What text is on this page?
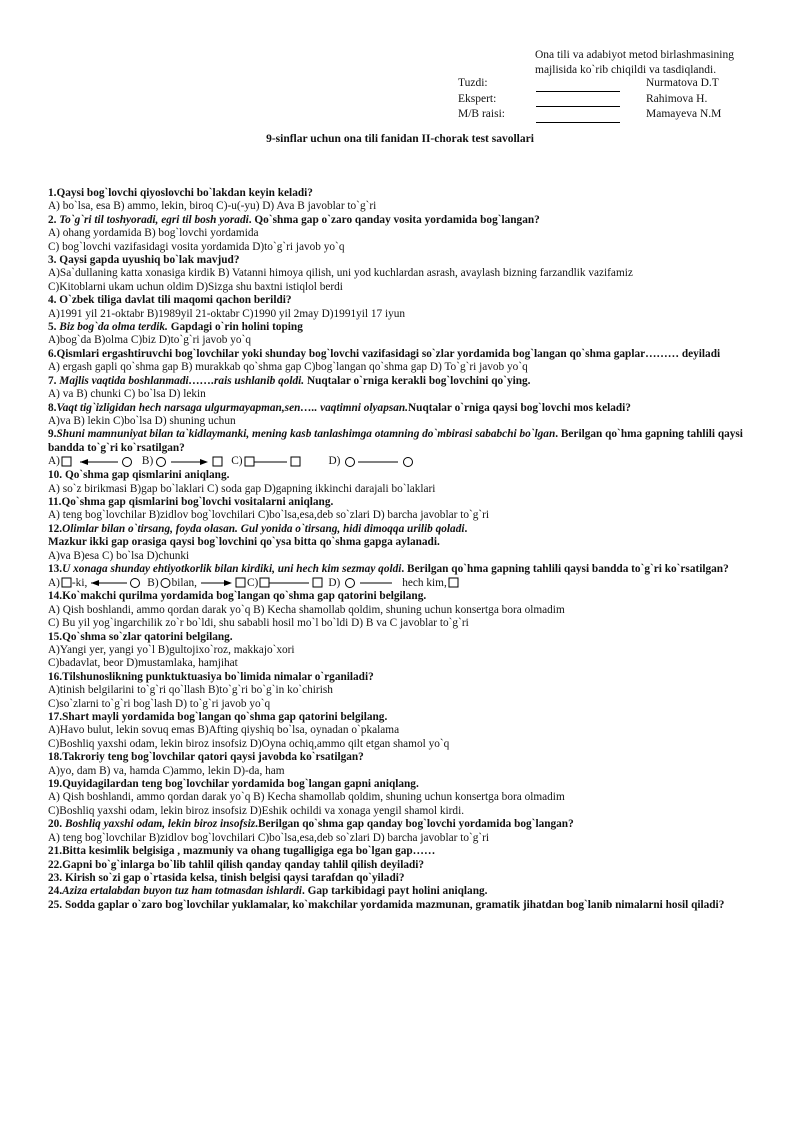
Ona tili va adabiyot metod birlashmasining
majlisida ko`rib chiqildi va tasdiqlandi.
Tuzdi:	Nurmatova D.T
Ekspert:	Rahimova H.
M/B raisi:	Mamayeva N.M
9-sinflar uchun ona tili fanidan II-chorak test savollari

1.Qaysi bog`lovchi qiyoslovchi bo`lakdan keyin keladi?

A) bo`lsa, esa B) ammo, lekin, biroq C)-u(-yu) D) Ava B javoblar to`g`ri

2. To`g`ri til toshyoradi, egri til bosh yoradi. Qo`shma gap o`zaro qanday vosita yordamida bog`langan?

A) ohang yordamida B) bog`lovchi yordamida

C) bog`lovchi vazifasidagi vosita yordamida D)to`g`ri javob yo`q

3. Qaysi gapda uyushiq bo`lak mavjud?

A)Sa`dullaning katta xonasiga kirdik B) Vatanni himoya qilish, uni yod kuchlardan asrash, avaylash bizning farzandlik vazifamiz

C)Kitoblarni ukam uchun oldim D)Sizga shu baxtni istiqlol berdi

4. O`zbek tiliga davlat tili maqomi qachon berildi?

A)1991 yil 21-oktabr B)1989yil 21-oktabr C)1990 yil 2may D)1991yil 17 iyun

5. Biz bog`da olma terdik. Gapdagi o`rin holini toping

A)bog`da B)olma C)biz D)to`g`ri javob yo`q

6.Qismlari ergashtiruvchi bog`lovchilar yoki shunday bog`lovchi vazifasidagi so`zlar yordamida bog`langan qo`shma gaplar……… deyiladi

A) ergash gapli qo`shma gap B) murakkab qo`shma gap C)bog`langan qo`shma gap D) To`g`ri javob yo`q

7. Majlis vaqtida boshlanmadi…….rais ushlanib qoldi. Nuqtalar o`rniga kerakli bog`lovchini qo`ying.

A) va B) chunki C) bo`lsa D) lekin

8.Vaqt tig`izligidan hech narsaga ulgurmayapman,sen….. vaqtimni olyapsan.Nuqtalar o`rniga qaysi bog`lovchi mos keladi?

A)va B) lekin C)bo`lsa D) shuning uchun

9.Shuni mamnuniyat bilan ta`kidlaymanki, mening kasb tanlashimga otamning do`mbirasi sababchi bo`lgan. Berilgan qo`hma gapning tahlili qaysi bandda to`g`ri ko`rsatilgan?

A)	B)	C)	D)

10. Qo`shma gap qismlarini aniqlang.

A) so`z birikmasi B)gap bo`laklari C) soda gap D)gapning ikkinchi darajali bo`laklari

11.Qo`shma gap qismlarini bog`lovchi vositalarni aniqlang.

A) teng bog`lovchilar B)zidlov bog`lovchilari C)bo`lsa,esa,deb so`zlari D) barcha javoblar to`g`ri

12.Olimlar bilan o`tirsang, foyda olasan. Gul yonida o`tirsang, hidi dimoqqa urilib qoladi.

Mazkur ikki gap orasiga qaysi bog`lovchini qo`ysa bitta qo`shma gapga aylanadi.

A)va B)esa C) bo`lsa D)chunki

13.U xonaga shunday ehtiyotkorlik bilan kirdiki, uni hech kim sezmay qoldi. Berilgan qo`hma gapning tahlili qaysi bandda to`g`ri ko`rsatilgan?

A) -ki,	B) bilan,	C)	D)	hech kim,

14.Ko`makchi qurilma yordamida bog`langan qo`shma gap qatorini belgilang.

A) Qish boshlandi, ammo qordan darak yo`q B) Kecha shamollab qoldim, shuning uchun konsertga bora olmadim

C) Bu yil yog`ingarchilik zo`r bo`ldi, shu sababli hosil mo`l bo`ldi D) B va C javoblar to`g`ri

15.Qo`shma so`zlar qatorini belgilang.

A)Yangi yer, yangi yo`l B)gultojixo`roz, makkajo`xori

C)badavlat, beor D)mustamlaka, hamjihat

16.Tilshunoslikning punktuktuasiya bo`limida nimalar o`rganiladi?

A)tinish belgilarini to`g`ri qo`llash B)to`g`ri bo`g`in ko`chirish

C)so`zlarni to`g`ri bog`lash D) to`g`ri javob yo`q

17.Shart mayli yordamida bog`langan qo`shma gap qatorini belgilang.

A)Havo bulut, lekin sovuq emas B)Afting qiyshiq bo`lsa, oynadan o`pkalama

C)Boshliq yaxshi odam, lekin biroz insofsiz D)Oyna ochiq,ammo qilt etgan shamol yo`q

18.Takroriy teng bog`lovchilar qatori qaysi javobda ko`rsatilgan?

A)yo, dam B) va, hamda C)ammo, lekin D)-da, ham

19.Quyidagilardan teng bog`lovchilar yordamida bog`langan gapni aniqlang.

A) Qish boshlandi, ammo qordan darak yo`q B) Kecha shamollab qoldim, shuning uchun konsertga bora olmadim

C)Boshliq yaxshi odam, lekin biroz insofsiz D)Eshik ochildi va xonaga yengil shamol kirdi.

20. Boshliq yaxshi odam, lekin biroz insofsiz.Berilgan qo`shma gap qanday bog`lovchi yordamida bog`langan?

A) teng bog`lovchilar B)zidlov bog`lovchilari C)bo`lsa,esa,deb so`zlari D) barcha javoblar to`g`ri

21.Bitta kesimlik belgisiga , mazmuniy va ohang tugalligiga ega bo`lgan gap……

22.Gapni bo`g`inlarga bo`lib tahlil qilish qanday qanday tahlil qilish deyiladi?

23. Kirish so`zi gap o`rtasida kelsa, tinish belgisi qaysi tarafdan qo`yiladi?

24.Aziza ertalabdan buyon tuz ham totmasdan ishlardi. Gap tarkibidagi payt holini aniqlang.

25. Sodda gaplar o`zaro bog`lovchilar yuklamalar, ko`makchilar yordamida mazmunan, gramatik jihatdan bog`lanib nimalarni hosil qiladi?
